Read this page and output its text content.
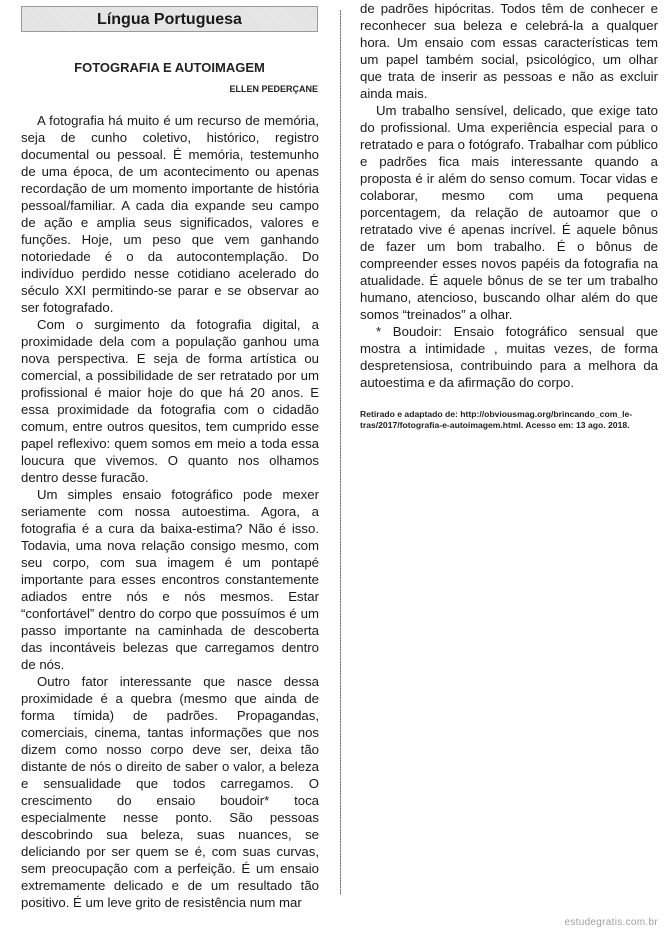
Língua Portuguesa
FOTOGRAFIA E AUTOIMAGEM
ELLEN PEDERÇANE

A fotografia há muito é um recurso de memória, seja de cunho coletivo, histórico, registro documental ou pessoal. É memória, testemunho de uma época, de um acontecimento ou apenas recordação de um momento importante de história pessoal/familiar. A cada dia expande seu campo de ação e amplia seus significados, valores e funções. Hoje, um peso que vem ganhando notoriedade é o da autocontemplação. Do indivíduo perdido nesse cotidiano acelerado do século XXI permitindo-se parar e se observar ao ser fotografado.

Com o surgimento da fotografia digital, a proximidade dela com a população ganhou uma nova perspectiva. E seja de forma artística ou comercial, a possibilidade de ser retratado por um profissional é maior hoje do que há 20 anos. E essa proximidade da fotografia com o cidadão comum, entre outros quesitos, tem cumprido esse papel reflexivo: quem somos em meio a toda essa loucura que vivemos. O quanto nos olhamos dentro desse furacão.

Um simples ensaio fotográfico pode mexer seriamente com nossa autoestima. Agora, a fotografia é a cura da baixa-estima? Não é isso. Todavia, uma nova relação consigo mesmo, com seu corpo, com sua imagem é um pontapé importante para esses encontros constantemente adiados entre nós e nós mesmos. Estar “confortável” dentro do corpo que possuímos é um passo importante na caminhada de descoberta das incontáveis belezas que carregamos dentro de nós.

Outro fator interessante que nasce dessa proximidade é a quebra (mesmo que ainda de forma tímida) de padrões. Propagandas, comerciais, cinema, tantas informações que nos dizem como nosso corpo deve ser, deixa tão distante de nós o direito de saber o valor, a beleza e sensualidade que todos carregamos. O crescimento do ensaio boudoir* toca especialmente nesse ponto. São pessoas descobrindo sua beleza, suas nuances, se deliciando por ser quem se é, com suas curvas, sem preocupação com a perfeição. É um ensaio extremamente delicado e de um resultado tão positivo. É um leve grito de resistência num mar

de padrões hipócritas. Todos têm de conhecer e reconhecer sua beleza e celebrá-la a qualquer hora. Um ensaio com essas características tem um papel também social, psicológico, um olhar que trata de inserir as pessoas e não as excluir ainda mais.

Um trabalho sensível, delicado, que exige tato do profissional. Uma experiência especial para o retratado e para o fotógrafo. Trabalhar com público e padrões fica mais interessante quando a proposta é ir além do senso comum. Tocar vidas e colaborar, mesmo com uma pequena porcentagem, da relação de autoamor que o retratado vive é apenas incrível. É aquele bônus de fazer um bom trabalho. É o bônus de compreender esses novos papéis da fotografia na atualidade. É aquele bônus de se ter um trabalho humano, atencioso, buscando olhar além do que somos “treinados” a olhar.

* Boudoir: Ensaio fotográfico sensual que mostra a intimidade , muitas vezes, de forma despretensiosa, contribuindo para a melhora da autoestima e da afirmação do corpo.

Retirado e adaptado de: http://obviousmag.org/brincando_com_le-tras/2017/fotografia-e-autoimagem.html. Acesso em: 13 ago. 2018.
estudegratis.com.br
